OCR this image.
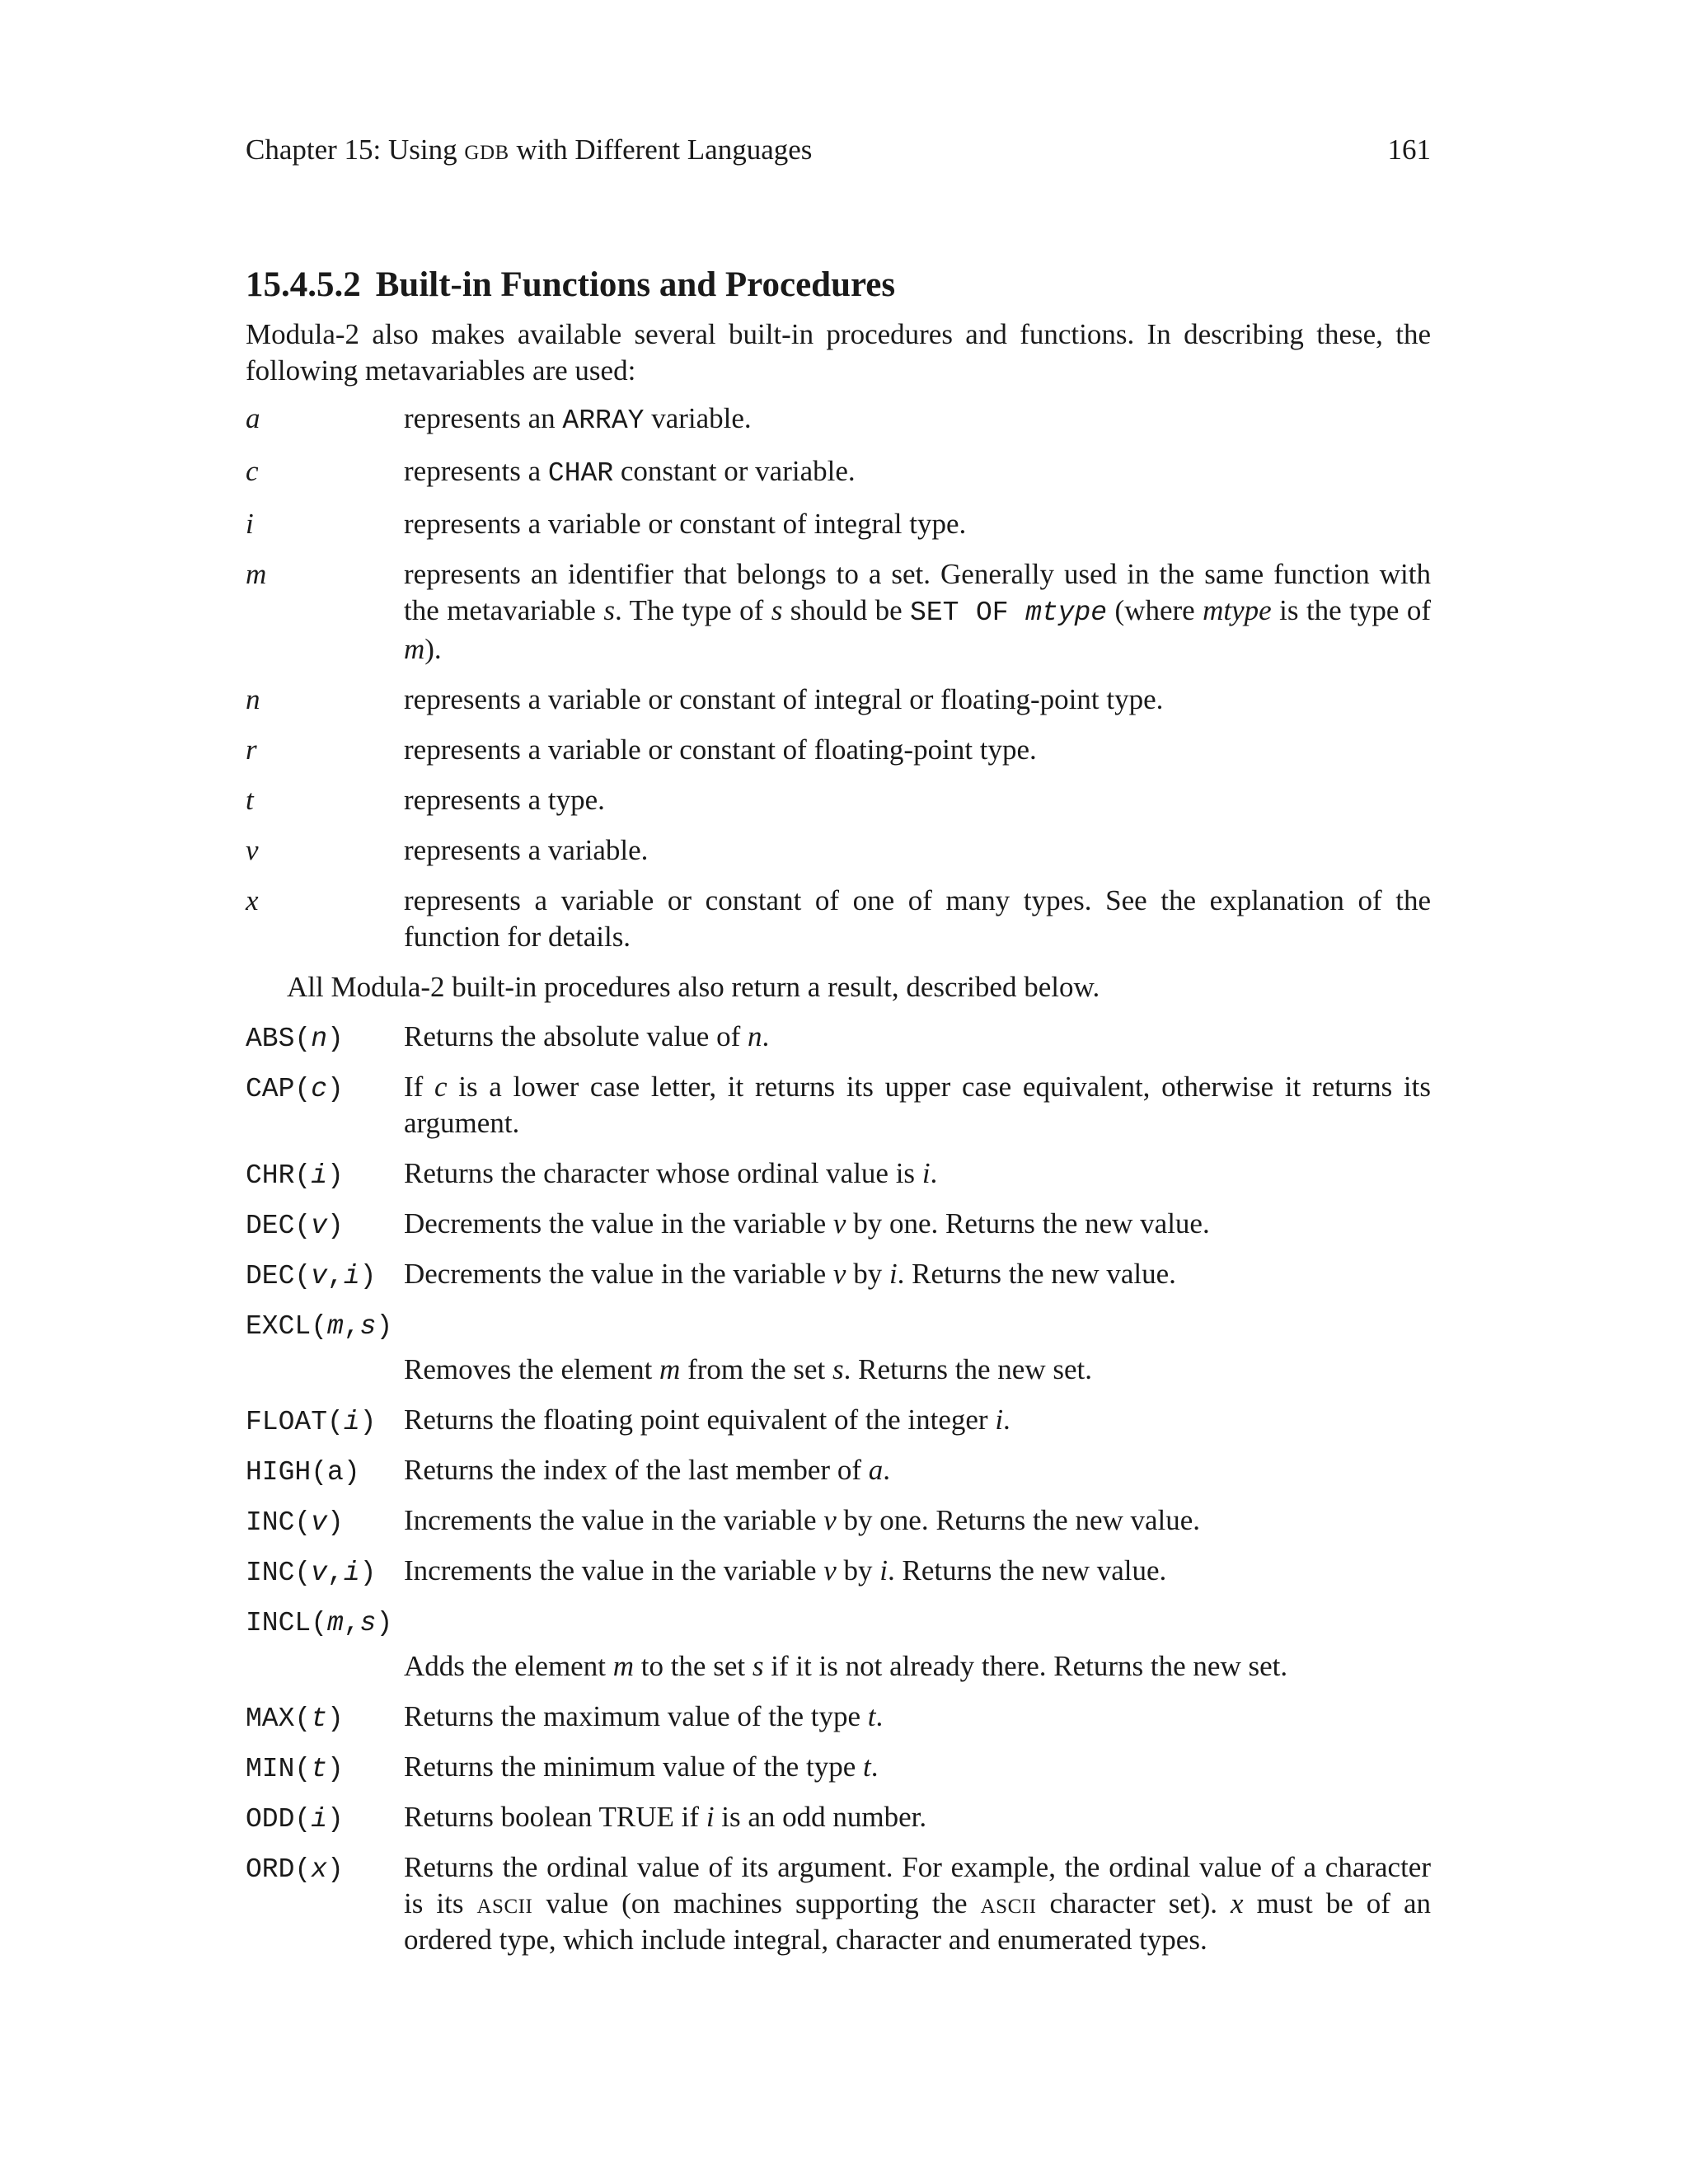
Chapter 15: Using gdb with Different Languages	161
15.4.5.2 Built-in Functions and Procedures

Modula-2 also makes available several built-in procedures and functions. In describing these, the following metavariables are used:

a	represents an ARRAY variable.
c	represents a CHAR constant or variable.
i	represents a variable or constant of integral type.
m	represents an identifier that belongs to a set. Generally used in the same function with the metavariable s. The type of s should be SET OF mtype (where mtype is the type of m).
n	represents a variable or constant of integral or floating-point type.
r	represents a variable or constant of floating-point type.
t	represents a type.
v	represents a variable.
x	represents a variable or constant of one of many types. See the explanation of the function for details.

All Modula-2 built-in procedures also return a result, described below.

ABS(n) Returns the absolute value of n.
CAP(c) If c is a lower case letter, it returns its upper case equivalent, otherwise it returns its argument.
CHR(i) Returns the character whose ordinal value is i.
DEC(v) Decrements the value in the variable v by one. Returns the new value.
DEC(v,i) Decrements the value in the variable v by i. Returns the new value.
EXCL(m,s)
Removes the element m from the set s. Returns the new set.
FLOAT(i) Returns the floating point equivalent of the integer i.
HIGH(a) Returns the index of the last member of a.
INC(v) Increments the value in the variable v by one. Returns the new value.
INC(v,i) Increments the value in the variable v by i. Returns the new value.
INCL(m,s)
Adds the element m to the set s if it is not already there. Returns the new set.
MAX(t) Returns the maximum value of the type t.
MIN(t) Returns the minimum value of the type t.
ODD(i) Returns boolean TRUE if i is an odd number.
ORD(x) Returns the ordinal value of its argument. For example, the ordinal value of a character is its ascii value (on machines supporting the ascii character set). x must be of an ordered type, which include integral, character and enumerated types.
